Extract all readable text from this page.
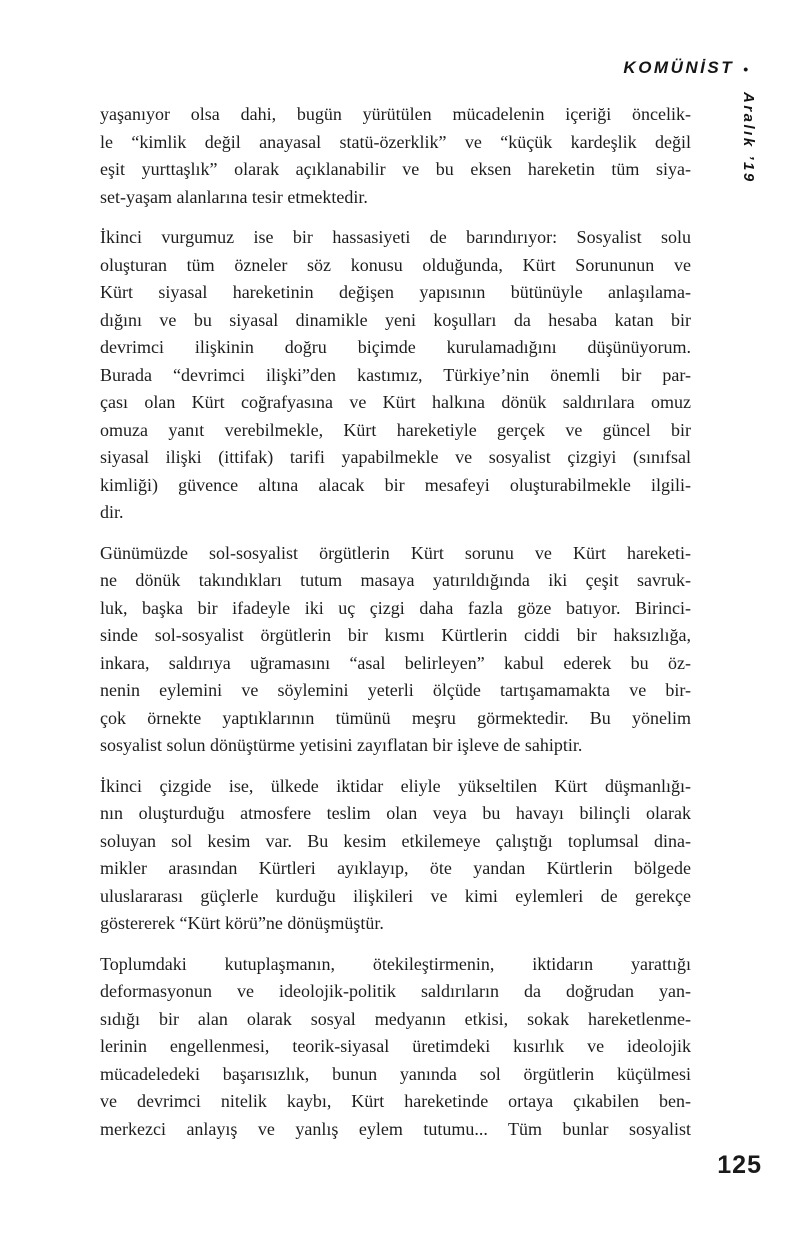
KOMÜNİST •
Aralık ’19
yaşanıyor olsa dahi, bugün yürütülen mücadelenin içeriği öncelik-
le “kimlik değil anayasal statü-özerklik” ve “küçük kardeşlik değil
eşit yurttaşlık” olarak açıklanabilir ve bu eksen hareketin tüm siya-
set-yaşam alanlarına tesir etmektedir.
İkinci vurgumuz ise bir hassasiyeti de barındırıyor: Sosyalist solu
oluşturan tüm özneler söz konusu olduğunda, Kürt Sorununun ve
Kürt siyasal hareketinin değişen yapısının bütünüyle anlaşılama-
dığını ve bu siyasal dinamikle yeni koşulları da hesaba katan bir
devrimci ilişkinin doğru biçimde kurulamadığını düşünüyorum.
Burada “devrimci ilişki”den kastımız, Türkiye’nin önemli bir par-
çası olan Kürt coğrafyasına ve Kürt halkına dönük saldırılara omuz
omuza yanıt verebilmekle, Kürt hareketiyle gerçek ve güncel bir
siyasal ilişki (ittifak) tarifi yapabilmekle ve sosyalist çizgiyi (sınıfsal
kimliği) güvence altına alacak bir mesafeyi oluşturabilmekle ilgili-
dir.
Günümüzde sol-sosyalist örgütlerin Kürt sorunu ve Kürt hareketi-
ne dönük takındıkları tutum masaya yatırıldığında iki çeşit savruk-
luk, başka bir ifadeyle iki uç çizgi daha fazla göze batıyor. Birinci-
sinde sol-sosyalist örgütlerin bir kısmı Kürtlerin ciddi bir haksızlığa,
inkara, saldırıya uğramasını “asal belirleyen” kabul ederek bu öz-
nenin eylemini ve söylemini yeterli ölçüde tartışamamakta ve bir-
çok örnekte yaptıklarının tümünü meşru görmektedir. Bu yönelim
sosyalist solun dönüştürme yetisini zayıflatan bir işleve de sahiptir.
İkinci çizgide ise, ülkede iktidar eliyle yükseltilen Kürt düşmanlığı-
nın oluşturduğu atmosfere teslim olan veya bu havayı bilinçli olarak
soluyan sol kesim var. Bu kesim etkilemeye çalıştığı toplumsal dina-
mikler arasından Kürtleri ayıklayıp, öte yandan Kürtlerin bölgede
uluslararası güçlerle kurduğu ilişkileri ve kimi eylemleri de gerekçe
göstererek “Kürt körü”ne dönüşmüştür.
Toplumdaki kutuplaşmanın, ötekileştirmenin, iktidarın yarattığı
deformasyonun ve ideolojik-politik saldırıların da doğrudan yan-
sıdığı bir alan olarak sosyal medyanın etkisi, sokak hareketlenme-
lerinin engellenmesi, teorik-siyasal üretimdeki kısırlık ve ideolojik
mücadeledeki başarısızlık, bunun yanında sol örgütlerin küçülmesi
ve devrimci nitelik kaybı, Kürt hareketinde ortaya çıkabilen ben-
merkezci anlayış ve yanlış eylem tutumu... Tüm bunlar sosyalist
125
